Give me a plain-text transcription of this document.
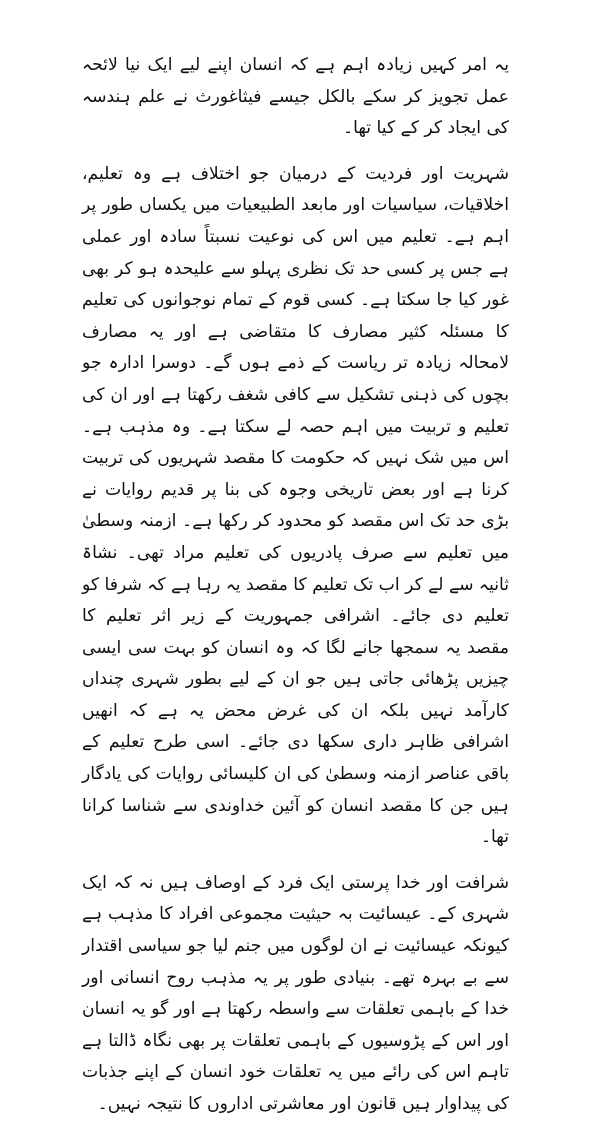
یہ امر کہیں زیادہ اہم ہے کہ انسان اپنے لیے ایک نیا لائحہ عمل تجویز کر سکے بالکل جیسے فیثاغورث نے علم ہندسہ کی ایجاد کر کے کیا تھا۔

شہریت اور فردیت کے درمیان جو اختلاف ہے وہ تعلیم، اخلاقیات، سیاسیات اور مابعد الطبیعیات میں یکساں طور پر اہم ہے۔ تعلیم میں اس کی نوعیت نسبتاً سادہ اور عملی ہے جس پر کسی حد تک نظری پہلو سے علیحدہ ہو کر بھی غور کیا جا سکتا ہے۔ کسی قوم کے تمام نوجوانوں کی تعلیم کا مسئلہ کثیر مصارف کا متقاضی ہے اور یہ مصارف لامحالہ زیادہ تر ریاست کے ذمے ہوں گے۔ دوسرا ادارہ جو بچوں کی ذہنی تشکیل سے کافی شغف رکھتا ہے اور ان کی تعلیم و تربیت میں اہم حصہ لے سکتا ہے۔ وہ مذہب ہے۔ اس میں شک نہیں کہ حکومت کا مقصد شہریوں کی تربیت کرنا ہے اور بعض تاریخی وجوہ کی بنا پر قدیم روایات نے بڑی حد تک اس مقصد کو محدود کر رکھا ہے۔ ازمنہ وسطیٰ میں تعلیم سے صرف پادریوں کی تعلیم مراد تھی۔ نشاۃ ثانیہ سے لے کر اب تک تعلیم کا مقصد یہ رہا ہے کہ شرفا کو تعلیم دی جائے۔ اشرافی جمہوریت کے زیر اثر تعلیم کا مقصد یہ سمجھا جانے لگا کہ وہ انسان کو بہت سی ایسی چیزیں پڑھائی جاتی ہیں جو ان کے لیے بطور شہری چنداں کارآمد نہیں بلکہ ان کی غرض محض یہ ہے کہ انھیں اشرافی ظاہر داری سکھا دی جائے۔ اسی طرح تعلیم کے باقی عناصر ازمنہ وسطیٰ کی ان کلیسائی روایات کی یادگار ہیں جن کا مقصد انسان کو آئین خداوندی سے شناسا کرانا تھا۔

شرافت اور خدا پرستی ایک فرد کے اوصاف ہیں نہ کہ ایک شہری کے۔ عیسائیت بہ حیثیت مجموعی افراد کا مذہب ہے کیونکہ عیسائیت نے ان لوگوں میں جنم لیا جو سیاسی اقتدار سے بے بہرہ تھے۔ بنیادی طور پر یہ مذہب روح انسانی اور خدا کے باہمی تعلقات سے واسطہ رکھتا ہے اور گو یہ انسان اور اس کے پڑوسیوں کے باہمی تعلقات پر بھی نگاہ ڈالتا ہے تاہم اس کی رائے میں یہ تعلقات خود انسان کے اپنے جذبات کی پیداوار ہیں قانون اور معاشرتی اداروں کا نتیجہ نہیں۔
